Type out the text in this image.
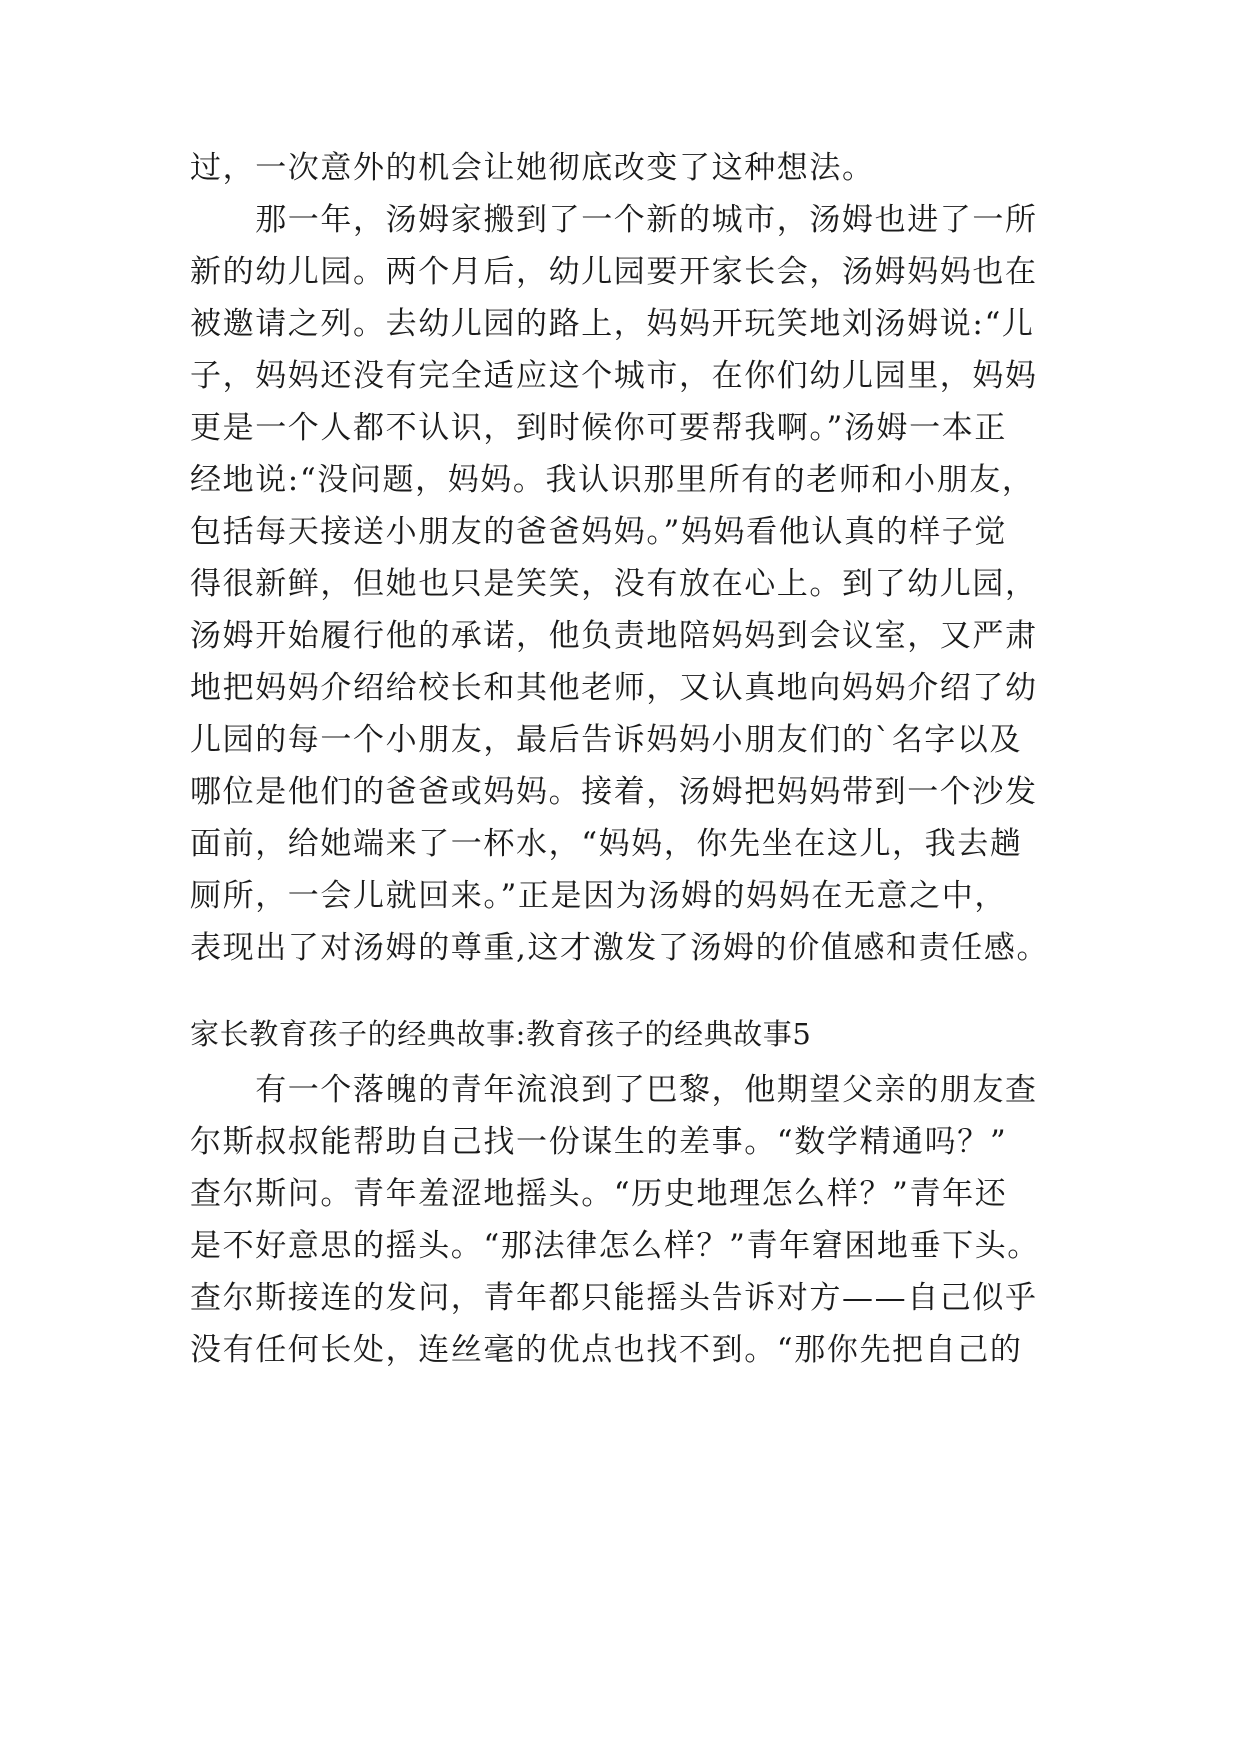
过，一次意外的机会让她彻底改变了这种想法。
　　那一年，汤姆家搬到了一个新的城市，汤姆也进了一所
新的幼儿园。两个月后，幼儿园要开家长会，汤姆妈妈也在
被邀请之列。去幼儿园的路上，妈妈开玩笑地刘汤姆说:“儿
子，妈妈还没有完全适应这个城市，在你们幼儿园里，妈妈
更是一个人都不认识，到时候你可要帮我啊。”汤姆一本正
经地说:“没问题，妈妈。我认识那里所有的老师和小朋友，
包括每天接送小朋友的爸爸妈妈。”妈妈看他认真的样子觉
得很新鲜，但她也只是笑笑，没有放在心上。到了幼儿园，
汤姆开始履行他的承诺，他负责地陪妈妈到会议室，又严肃
地把妈妈介绍给校长和其他老师，又认真地向妈妈介绍了幼
儿园的每一个小朋友，最后告诉妈妈小朋友们的`名字以及
哪位是他们的爸爸或妈妈。接着，汤姆把妈妈带到一个沙发
面前，给她端来了一杯水，“妈妈，你先坐在这儿，我去趟
厕所，一会儿就回来。”正是因为汤姆的妈妈在无意之中，
表现出了对汤姆的尊重,这才激发了汤姆的价值感和责任感。
家长教育孩子的经典故事:教育孩子的经典故事5
　　有一个落魄的青年流浪到了巴黎，他期望父亲的朋友查
尔斯叔叔能帮助自己找一份谋生的差事。“数学精通吗？”
查尔斯问。青年羞涩地摇头。“历史地理怎么样？”青年还
是不好意思的摇头。“那法律怎么样？”青年窘困地垂下头。
查尔斯接连的发问，青年都只能摇头告诉对方——自己似乎
没有任何长处，连丝毫的优点也找不到。“那你先把自己的
